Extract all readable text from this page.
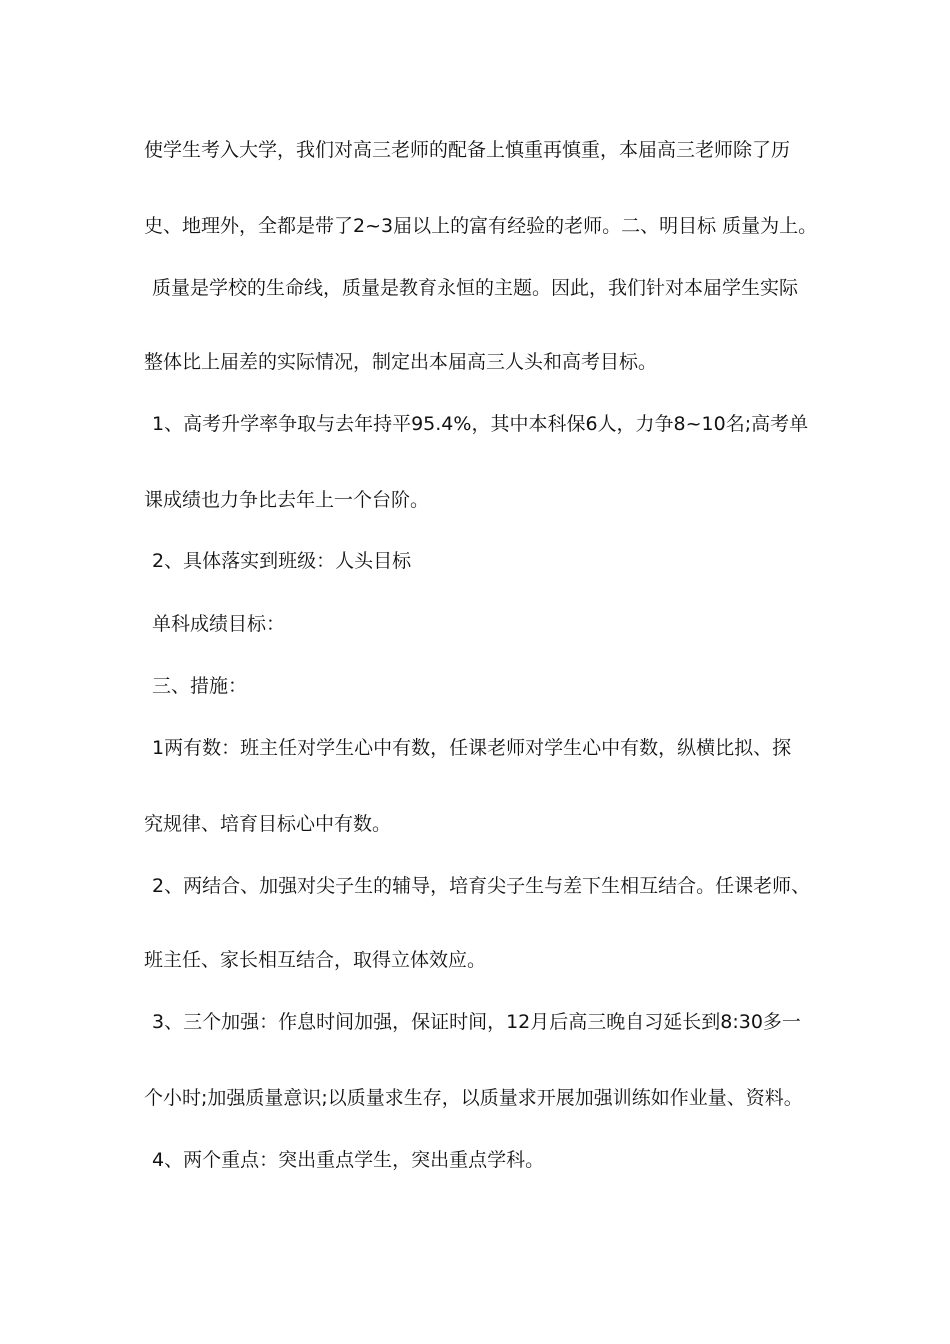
使学生考入大学，我们对高三老师的配备上慎重再慎重，本届高三老师除了历
史、地理外，全都是带了2~3届以上的富有经验的老师。二、明目标 质量为上。
质量是学校的生命线，质量是教育永恒的主题。因此，我们针对本届学生实际
整体比上届差的实际情况，制定出本届高三人头和高考目标。
1、高考升学率争取与去年持平95.4%，其中本科保6人，力争8~10名;高考单
课成绩也力争比去年上一个台阶。
2、具体落实到班级：人头目标
单科成绩目标：
三、措施：
1两有数：班主任对学生心中有数，任课老师对学生心中有数，纵横比拟、探
究规律、培育目标心中有数。
2、两结合、加强对尖子生的辅导，培育尖子生与差下生相互结合。任课老师、
班主任、家长相互结合，取得立体效应。
3、三个加强：作息时间加强，保证时间，12月后高三晚自习延长到8:30多一
个小时;加强质量意识;以质量求生存，以质量求开展加强训练如作业量、资料。
4、两个重点：突出重点学生，突出重点学科。
